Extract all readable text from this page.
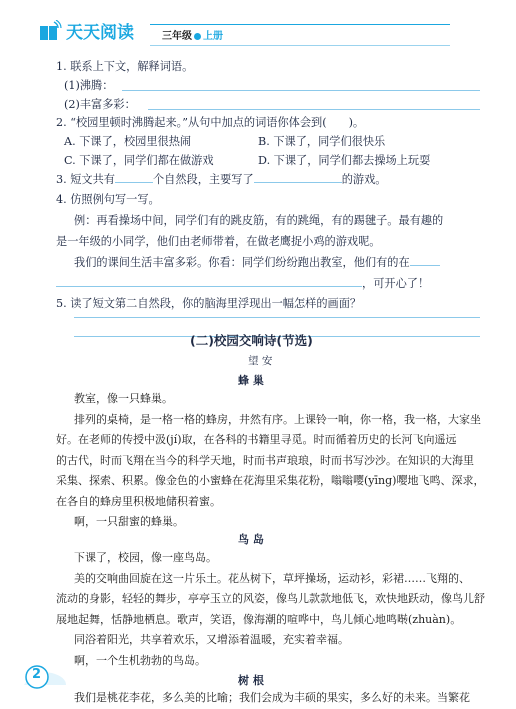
天天阅读	三年级 上册
1. 联系上下文，解释词语。
(1)沸腾：
(2)丰富多彩：
2. “校园里顿时沸腾起来。”从句中加点的词语你体会到( )。
A. 下课了，校园里很热闹	B. 下课了，同学们很快乐
C. 下课了，同学们都在做游戏	D. 下课了，同学们都去操场上玩耍
3. 短文共有	个自然段，主要写了	的游戏。
4. 仿照例句写一写。
例：再看操场中间，同学们有的跳皮筋，有的跳绳，有的踢毽子。最有趣的
是一年级的小同学，他们由老师带着，在做老鹰捉小鸡的游戏呢。
我们的课间生活丰富多彩。你看：同学们纷纷跑出教室，他们有的在
，可开心了！
5. 读了短文第二自然段，你的脑海里浮现出一幅怎样的画面？
(二)校园交响诗(节选)
望 安
蜂 巢
教室，像一只蜂巢。
排列的桌椅，是一格一格的蜂房，井然有序。上课铃一响，你一格，我一格，大家坐
好。在老师的传授中汲(jí)取，在各科的书籍里寻觅。时而循着历史的长河飞向遥远
的古代，时而飞翔在当今的科学天地，时而书声琅琅，时而书写沙沙。在知识的大海里
采集、探索、积累。像金色的小蜜蜂在花海里采集花粉，嗡嗡嘤(yīng)嘤地飞鸣、深求，
在各自的蜂房里积极地储积着蜜。
啊，一只甜蜜的蜂巢。
鸟 岛
下课了，校园，像一座鸟岛。
美的交响曲回旋在这一片乐土。花丛树下，草坪操场，运动衫，彩裙……飞翔的、
流动的身影，轻轻的舞步，亭亭玉立的风姿，像鸟儿款款地低飞，欢快地跃动，像鸟儿舒
展地起舞，恬静地栖息。歌声，笑语，像海潮的喧哗中，鸟儿倾心地鸣啭(zhuàn)。
同浴着阳光，共享着欢乐，又增添着温暖，充实着幸福。
啊，一个生机勃勃的鸟岛。
树 根
我们是桃花李花，多么美的比喻；我们会成为丰硕的果实，多么好的未来。当繁花
2
